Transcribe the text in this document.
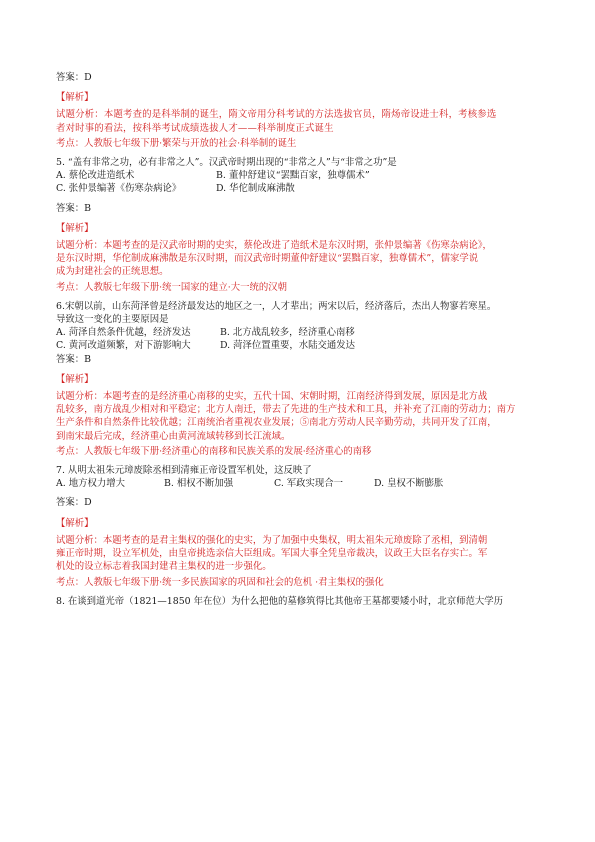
答案：D
【解析】
试题分析：本题考查的是科举制的诞生，隋文帝用分科考试的方法选拔官员，隋炀帝设进士科，考核参选
者对时事的看法，按科举考试成绩选拔人才——科举制度正式诞生
考点：人教版七年级下册·繁荣与开放的社会·科举制的诞生
5. “盖有非常之功，必有非常之人”。汉武帝时期出现的“非常之人”与“非常之功”是
A. 蔡伦改进造纸术	B. 董仲舒建议“罢黜百家，独尊儒术”
C. 张仲景编著《伤寒杂病论》	D. 华佗制成麻沸散
答案：B
【解析】
试题分析：本题考查的是汉武帝时期的史实，蔡伦改进了造纸术是东汉时期，张仲景编著《伤寒杂病论》，
是东汉时期，华佗制成麻沸散是东汉时期，而汉武帝时期董仲舒建议“罢黜百家，独尊儒术”，儒家学说
成为封建社会的正统思想。
考点：人教版七年级下册·统一国家的建立·大一统的汉朝
6.宋朝以前，山东菏泽曾是经济最发达的地区之一，人才辈出；两宋以后，经济落后，杰出人物寥若寒星。
导致这一变化的主要原因是
A. 菏泽自然条件优越，经济发达	B. 北方战乱较多，经济重心南移
C. 黄河改道频繁，对下游影响大	D. 菏泽位置重要，水陆交通发达
答案：B
【解析】
试题分析：本题考查的是经济重心南移的史实，五代十国、宋朝时期，江南经济得到发展，原因是北方战
乱较多，南方战乱少相对和平稳定；北方人南迁，带去了先进的生产技术和工具，并补充了江南的劳动力；南方
生产条件和自然条件比较优越；江南统治者重视农业发展；⑤南北方劳动人民辛勤劳动，共同开发了江南，
到南宋最后完成，经济重心由黄河流域转移到长江流域。
考点：人教版七年级下册·经济重心的南移和民族关系的发展·经济重心的南移
7. 从明太祖朱元璋废除丞相到清雍正帝设置军机处，这反映了
A. 地方权力增大	B. 相权不断加强	C. 军政实现合一	D. 皇权不断膨胀
答案：D
【解析】
试题分析：本题考查的是君主集权的强化的史实，为了加强中央集权，明太祖朱元璋废除了丞相，到清朝
雍正帝时期，设立军机处，由皇帝挑选亲信大臣组成。军国大事全凭皇帝裁决，议政王大臣名存实亡。军
机处的设立标志着我国封建君主集权的进一步强化。
考点：人教版七年级下册·统一多民族国家的巩固和社会的危机 ·君主集权的强化
8. 在谈到道光帝（1821—1850 年在位）为什么把他的墓修筑得比其他帝王墓都要矮小时，北京师范大学历
